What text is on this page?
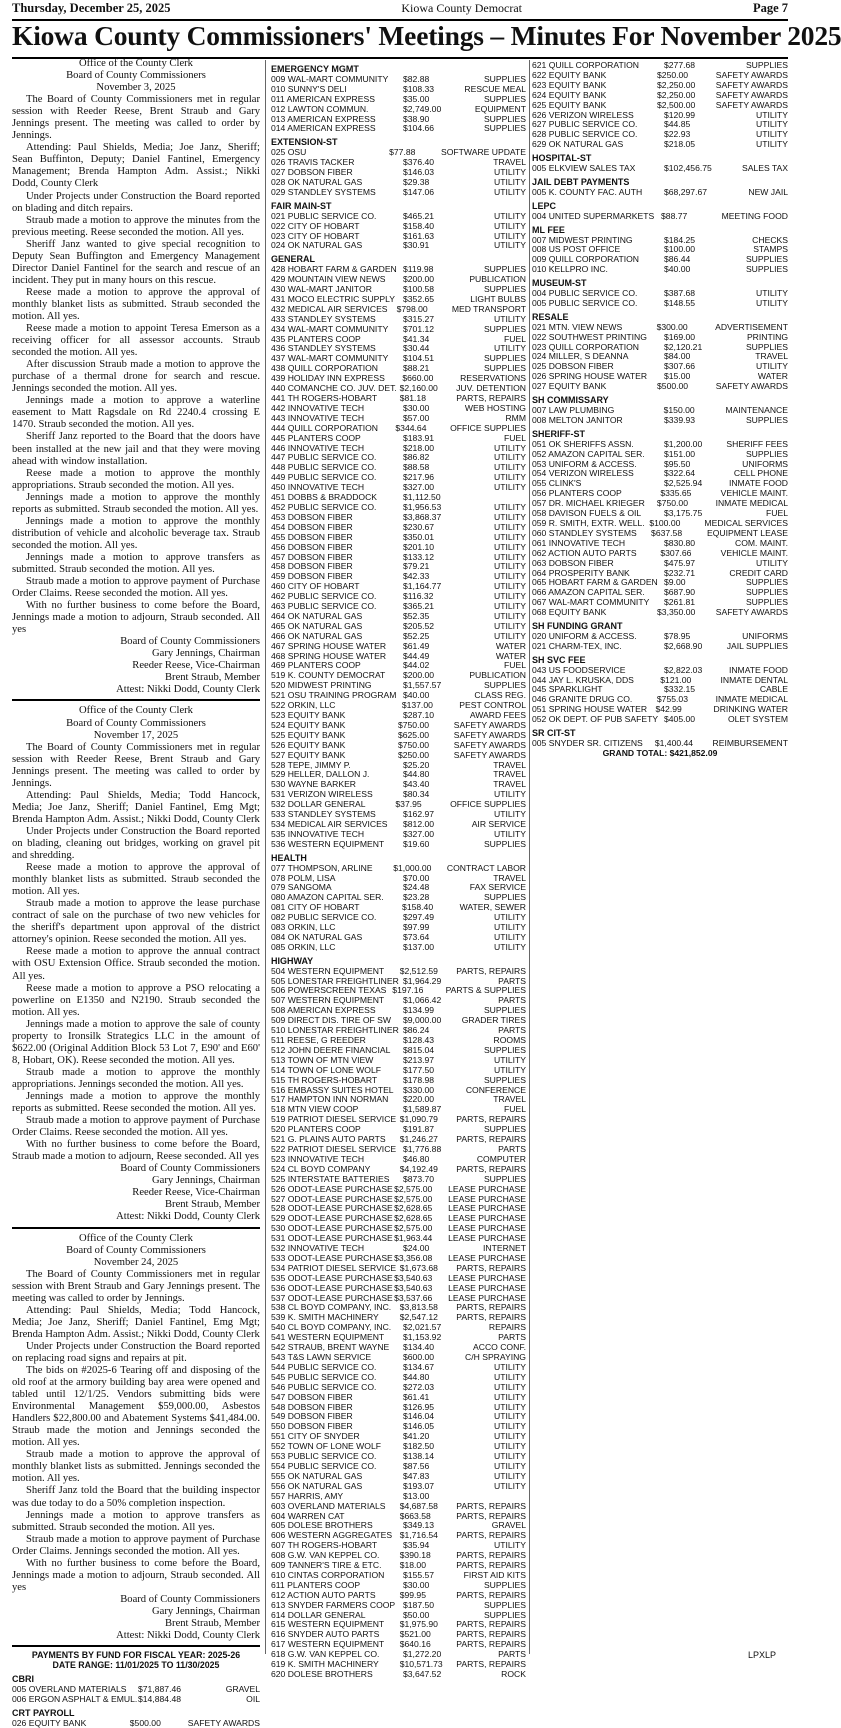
Thursday, December 25, 2025	Kiowa County Democrat	Page 7
Kiowa County Commissioners' Meetings – Minutes For November 2025

Office of the County Clerk

Board of County Commissioners

November 3, 2025

The Board of County Commissioners met in regular session with Reeder Reese, Brent Straub and Gary Jennings present. The meeting was called to order by Jennings.

Attending: Paul Shields, Media; Joe Janz, Sheriff; Sean Buffinton, Deputy; Daniel Fantinel, Emergency Management; Brenda Hampton Adm. Assist.; Nikki Dodd, County Clerk

Under Projects under Construction the Board reported on blading and ditch repairs.

Straub made a motion to approve the minutes from the previous meeting. Reese seconded the motion. All yes.

Sheriff Janz wanted to give special recognition to Deputy Sean Buffington and Emergency Management Director Daniel Fantinel for the search and rescue of an incident. They put in many hours on this rescue.

Reese made a motion to approve the approval of monthly blanket lists as submitted. Straub seconded the motion. All yes.

Reese made a motion to appoint Teresa Emerson as a receiving officer for all assessor accounts. Straub seconded the motion. All yes.

After discussion Straub made a motion to approve the purchase of a thermal drone for search and rescue. Jennings seconded the motion. All yes.

Jennings made a motion to approve a waterline easement to Matt Ragsdale on Rd 2240.4 crossing E 1470. Straub seconded the motion. All yes.

Sheriff Janz reported to the Board that the doors have been installed at the new jail and that they were moving ahead with window installation.

Reese made a motion to approve the monthly appropriations. Straub seconded the motion. All yes.

Jennings made a motion to approve the monthly reports as submitted. Straub seconded the motion. All yes.

Jennings made a motion to approve the monthly distribution of vehicle and alcoholic beverage tax. Straub seconded the motion. All yes.

Jennings made a motion to approve transfers as submitted. Straub seconded the motion. All yes.

Straub made a motion to approve payment of Purchase Order Claims. Reese seconded the motion. All yes.

With no further business to come before the Board, Jennings made a motion to adjourn, Straub seconded. All yes

Board of County Commissioners

Gary Jennings, Chairman

Reeder Reese, Vice-Chairman

Brent Straub, Member

Attest: Nikki Dodd, County Clerk

Office of the County Clerk

Board of County Commissioners

November 17, 2025

The Board of County Commissioners met in regular session with Reeder Reese, Brent Straub and Gary Jennings present. The meeting was called to order by Jennings.

Attending: Paul Shields, Media; Todd Hancock, Media; Joe Janz, Sheriff; Daniel Fantinel, Emg Mgt; Brenda Hampton Adm. Assist.; Nikki Dodd, County Clerk

Under Projects under Construction the Board reported on blading, cleaning out bridges, working on gravel pit and shredding.

Reese made a motion to approve the approval of monthly blanket lists as submitted. Straub seconded the motion. All yes.

Straub made a motion to approve the lease purchase contract of sale on the purchase of two new vehicles for the sheriff's department upon approval of the district attorney's opinion. Reese seconded the motion. All yes.

Reese made a motion to approve the annual contract with OSU Extension Office. Straub seconded the motion. All yes.

Reese made a motion to approve a PSO relocating a powerline on E1350 and N2190. Straub seconded the motion. All yes.

Jennings made a motion to approve the sale of county property to Ironsilk Strategics LLC in the amount of $622.00 (Original Addition Block 53 Lot 7, E90' and E60' 8, Hobart, OK). Reese seconded the motion. All yes.

Straub made a motion to approve the monthly appropriations. Jennings seconded the motion. All yes.

Jennings made a motion to approve the monthly reports as submitted. Reese seconded the motion. All yes.

Straub made a motion to approve payment of Purchase Order Claims. Reese seconded the motion. All yes.

With no further business to come before the Board, Straub made a motion to adjourn, Reese seconded. All yes

Board of County Commissioners

Gary Jennings, Chairman

Reeder Reese, Vice-Chairman

Brent Straub, Member

Attest: Nikki Dodd, County Clerk

Office of the County Clerk

Board of County Commissioners

November 24, 2025

The Board of County Commissioners met in regular session with Brent Straub and Gary Jennings present. The meeting was called to order by Jennings.

Attending: Paul Shields, Media; Todd Hancock, Media; Joe Janz, Sheriff; Daniel Fantinel, Emg Mgt; Brenda Hampton Adm. Assist.; Nikki Dodd, County Clerk

Under Projects under Construction the Board reported on replacing road signs and repairs at pit.

The bids on #2025-6 Tearing off and disposing of the old roof at the armory building bay area were opened and tabled until 12/1/25. Vendors submitting bids were Environmental Management $59,000.00, Asbestos Handlers $22,800.00 and Abatement Systems $41,484.00. Straub made the motion and Jennings seconded the motion. All yes.

Straub made a motion to approve the approval of monthly blanket lists as submitted. Jennings seconded the motion. All yes.

Sheriff Janz told the Board that the building inspector was due today to do a 50% completion inspection.

Jennings made a motion to approve transfers as submitted. Straub seconded the motion. All yes.

Straub made a motion to approve payment of Purchase Order Claims. Jennings seconded the motion. All yes.

With no further business to come before the Board, Jennings made a motion to adjourn, Straub seconded. All yes

Board of County Commissioners

Gary Jennings, Chairman

Brent Straub, Member

Attest: Nikki Dodd, County Clerk

PAYMENTS BY FUND FOR FISCAL YEAR: 2025-26
DATE RANGE: 11/01/2025 TO 11/30/2025
CBRI
005 OVERLAND MATERIALS	$71,887.46	GRAVEL
006 ERGON ASPHALT & EMUL. $14,884.48	OIL
CRT PAYROLL
026 EQUITY BANK	$500.00	SAFETY AWARDS
EMERGENCY MGMT
009 WAL-MART COMMUNITY	$82.88	SUPPLIES
010 SUNNY'S DELI	$108.33	RESCUE MEAL
011 AMERICAN EXPRESS	$35.00	SUPPLIES
012 LAWTON COMMUN.	$2,749.00	EQUIPMENT
013 AMERICAN EXPRESS	$38.90	SUPPLIES
014 AMERICAN EXPRESS	$104.66	SUPPLIES
EXTENSION-ST
025 OSU	$77.88	SOFTWARE UPDATE
026 TRAVIS TACKER	$376.40	TRAVEL
027 DOBSON FIBER	$146.03	UTILITY
028 OK NATURAL GAS	$29.38	UTILITY
029 STANDLEY SYSTEMS	$147.06	UTILITY
FAIR MAIN-ST
021 PUBLIC SERVICE CO.	$465.21	UTILITY
022 CITY OF HOBART	$158.40	UTILITY
023 CITY OF HOBART	$161.63	UTILITY
024 OK NATURAL GAS	$30.91	UTILITY
GENERAL
428 HOBART FARM & GARDEN $119.98	SUPPLIES
429 MOUNTAIN VIEW NEWS	$200.00	PUBLICATION
430 WAL-MART JANITOR	$100.58	SUPPLIES
431 MOCO ELECTRIC SUPPLY $352.65	LIGHT BULBS
432 MEDICAL AIR SERVICES	$798.00	MED TRANSPORT
433 STANDLEY SYSTEMS	$315.27	UTILITY
434 WAL-MART COMMUNITY	$701.12	SUPPLIES
435 PLANTERS COOP	$41.34	FUEL
436 STANDLEY SYSTEMS	$30.44	UTILITY
437 WAL-MART COMMUNITY	$104.51	SUPPLIES
438 QUILL CORPORATION	$88.21	SUPPLIES
439 HOLIDAY INN EXPRESS	$660.00	RESERVATIONS
440 COMANCHE CO. JUV. DET. $2,160.00	JUV. DETENTION
441 TH ROGERS-HOBART	$81.18	PARTS, REPAIRS
442 INNOVATIVE TECH	$30.00	WEB HOSTING
443 INNOVATIVE TECH	$57.00	RMM
444 QUILL CORPORATION	$344.64	OFFICE SUPPLIES
445 PLANTERS COOP	$183.91	FUEL
446 INNOVATIVE TECH	$218.00	UTILITY
447 PUBLIC SERVICE CO.	$86.82	UTILITY
448 PUBLIC SERVICE CO.	$88.58	UTILITY
449 PUBLIC SERVICE CO.	$217.96	UTILITY
450 INNOVATIVE TECH	$327.00	UTILITY
451 DOBBS & BRADDOCK	$1,112.50
452 PUBLIC SERVICE CO.	$1,956.53	UTILITY
453 DOBSON FIBER	$3,868.37	UTILITY
454 DOBSON FIBER	$230.67	UTILITY
455 DOBSON FIBER	$350.01	UTILITY
456 DOBSON FIBER	$201.10	UTILITY
457 DOBSON FIBER	$133.12	UTILITY
458 DOBSON FIBER	$79.21	UTILITY
459 DOBSON FIBER	$42.33	UTILITY
460 CITY OF HOBART	$1,164.77	UTILITY
462 PUBLIC SERVICE CO.	$116.32	UTILITY
463 PUBLIC SERVICE CO.	$365.21	UTILITY
464 OK NATURAL GAS	$52.35	UTILITY
465 OK NATURAL GAS	$205.52	UTILITY
466 OK NATURAL GAS	$52.25	UTILITY
467 SPRING HOUSE WATER	$61.49	WATER
468 SPRING HOUSE WATER	$44.49	WATER
469 PLANTERS COOP	$44.02	FUEL
519 K. COUNTY DEMOCRAT	$200.00	PUBLICATION
520 MIDWEST PRINTING	$1,557.57	SUPPLIES
521 OSU TRAINING PROGRAM $40.00	CLASS REG.
522 ORKIN, LLC	$137.00	PEST CONTROL
523 EQUITY BANK	$287.10	AWARD FEES
524 EQUITY BANK	$750.00	SAFETY AWARDS
525 EQUITY BANK	$625.00	SAFETY AWARDS
526 EQUITY BANK	$750.00	SAFETY AWARDS
527 EQUITY BANK	$250.00	SAFETY AWARDS
528 TEPE, JIMMY P.	$25.20	TRAVEL
529 HELLER, DALLON J.	$44.80	TRAVEL
530 WAYNE BARKER	$43.40	TRAVEL
531 VERIZON WIRELESS	$80.34	UTILITY
532 DOLLAR GENERAL	$37.95	OFFICE SUPPLIES
533 STANDLEY SYSTEMS	$162.97	UTILITY
534 MEDICAL AIR SERVICES	$812.00	AIR SERVICE
535 INNOVATIVE TECH	$327.00	UTILITY
536 WESTERN EQUIPMENT	$19.60	SUPPLIES
HEALTH
077 THOMPSON, ARLINE	$1,000.00	CONTRACT LABOR
078 POLM, LISA	$70.00	TRAVEL
079 SANGOMA	$24.48	FAX SERVICE
080 AMAZON CAPITAL SER.	$23.28	SUPPLIES
081 CITY OF HOBART	$158.40	WATER, SEWER
082 PUBLIC SERVICE CO.	$297.49	UTILITY
083 ORKIN, LLC	$97.99	UTILITY
084 OK NATURAL GAS	$73.64	UTILITY
085 ORKIN, LLC	$137.00	UTILITY
HIGHWAY
504 WESTERN EQUIPMENT	$2,512.59	PARTS, REPAIRS
505 LONESTAR FREIGHTLINER $1,964.29	PARTS
506 POWERSCREEN TEXAS $197.16	PARTS & SUPPLIES
507 WESTERN EQUIPMENT	$1,066.42	PARTS
508 AMERICAN EXPRESS	$134.99	SUPPLIES
509 DIRECT DIS. TIRE OF SW	$9,000.00	GRADER TIRES
510 LONESTAR FREIGHTLINER $86.24	PARTS
511 REESE, G REEDER	$128.43	ROOMS
512 JOHN DEERE FINANCIAL	$815.04	SUPPLIES
513 TOWN OF MTN VIEW	$213.97	UTILITY
514 TOWN OF LONE WOLF	$177.50	UTILITY
515 TH ROGERS-HOBART	$178.98	SUPPLIES
516 EMBASSY SUITES HOTEL	$330.00	CONFERENCE
517 HAMPTON INN NORMAN	$220.00	TRAVEL
518 MTN VIEW COOP	$1,589.87	FUEL
519 PATRIOT DIESEL SERVICE $1,090.79	PARTS, REPAIRS
520 PLANTERS COOP	$191.87	SUPPLIES
521 G. PLAINS AUTO PARTS	$1,246.27	PARTS, REPAIRS
522 PATRIOT DIESEL SERVICE $1,776.88	PARTS
523 INNOVATIVE TECH	$46.80	COMPUTER
524 CL BOYD COMPANY	$4,192.49	PARTS, REPAIRS
525 INTERSTATE BATTERIES	$873.70	SUPPLIES
526 ODOT-LEASE PURCHASE $2,575.00	LEASE PURCHASE
527 ODOT-LEASE PURCHASE $2,575.00	LEASE PURCHASE
528 ODOT-LEASE PURCHASE $2,628.65	LEASE PURCHASE
529 ODOT-LEASE PURCHASE $2,628.65	LEASE PURCHASE
530 ODOT-LEASE PURCHASE $2,575.00	LEASE PURCHASE
531 ODOT-LEASE PURCHASE $1,963.44	LEASE PURCHASE
532 INNOVATIVE TECH	$24.00	INTERNET
533 ODOT-LEASE PURCHASE $3,356.08	LEASE PURCHASE
534 PATRIOT DIESEL SERVICE $1,673.68	PARTS, REPAIRS
535 ODOT-LEASE PURCHASE $3,540.63	LEASE PURCHASE
536 ODOT-LEASE PURCHASE $3,540.63	LEASE PURCHASE
537 ODOT-LEASE PURCHASE $3,537.66	LEASE PURCHASE
538 CL BOYD COMPANY, INC. $3,813.58	PARTS, REPAIRS
539 K. SMITH MACHINERY	$2,547.12	PARTS, REPAIRS
540 CL BOYD COMPANY, INC.	$2,021.57	REPAIRS
541 WESTERN EQUIPMENT	$1,153.92	PARTS
542 STRAUB, BRENT WAYNE	$134.40	ACCO CONF.
543 T&S LAWN SERVICE	$600.00	C/H SPRAYING
544 PUBLIC SERVICE CO.	$134.67	UTILITY
545 PUBLIC SERVICE CO.	$44.80	UTILITY
546 PUBLIC SERVICE CO.	$272.03	UTILITY
547 DOBSON FIBER	$61.41	UTILITY
548 DOBSON FIBER	$126.95	UTILITY
549 DOBSON FIBER	$146.04	UTILITY
550 DOBSON FIBER	$146.05	UTILITY
551 CITY OF SNYDER	$41.20	UTILITY
552 TOWN OF LONE WOLF	$182.50	UTILITY
553 PUBLIC SERVICE CO.	$138.14	UTILITY
554 PUBLIC SERVICE CO.	$87.56	UTILITY
555 OK NATURAL GAS	$47.83	UTILITY
556 OK NATURAL GAS	$193.07	UTILITY
557 HARRIS, AMY	$13.00
603 OVERLAND MATERIALS	$4,687.58	PARTS, REPAIRS
604 WARREN CAT	$663.58	PARTS, REPAIRS
605 DOLESE BROTHERS	$349.13	GRAVEL
606 WESTERN AGGREGATES $1,716.54	PARTS, REPAIRS
607 TH ROGERS-HOBART	$35.94	UTILITY
608 G.W. VAN KEPPEL CO.	$390.18	PARTS, REPAIRS
609 TANNER'S TIRE & ETC.	$18.00	PARTS, REPAIRS
610 CINTAS CORPORATION	$155.57	FIRST AID KITS
611 PLANTERS COOP	$30.00	SUPPLIES
612 ACTION AUTO PARTS	$99.95	PARTS, REPAIRS
613 SNYDER FARMERS COOP $187.50	SUPPLIES
614 DOLLAR GENERAL	$50.00	SUPPLIES
615 WESTERN EQUIPMENT	$1,975.90	PARTS, REPAIRS
616 SNYDER AUTO PARTS	$521.00	PARTS, REPAIRS
617 WESTERN EQUIPMENT	$640.16	PARTS, REPAIRS
618 G.W. VAN KEPPEL CO.	$1,272.20	PARTS
619 K. SMITH MACHINERY	$10,571.73	PARTS, REPAIRS
620 DOLESE BROTHERS	$3,647.52	ROCK
621 QUILL CORPORATION	$277.68	SUPPLIES
622 EQUITY BANK	$250.00	SAFETY AWARDS
623 EQUITY BANK	$2,250.00	SAFETY AWARDS
624 EQUITY BANK	$2,250.00	SAFETY AWARDS
625 EQUITY BANK	$2,500.00	SAFETY AWARDS
626 VERIZON WIRELESS	$120.99	UTILITY
627 PUBLIC SERVICE CO.	$44.85	UTILITY
628 PUBLIC SERVICE CO.	$22.93	UTILITY
629 OK NATURAL GAS	$218.05	UTILITY
HOSPITAL-ST
005 ELKVIEW SALES TAX	$102,456.75	SALES TAX
JAIL DEBT PAYMENTS
005 K. COUNTY FAC. AUTH	$68,297.67	NEW JAIL
LEPC
004 UNITED SUPERMARKETS $88.77	MEETING FOOD
ML FEE
007 MIDWEST PRINTING	$184.25	CHECKS
008 US POST OFFICE	$100.00	STAMPS
009 QUILL CORPORATION	$86.44	SUPPLIES
010 KELLPRO INC.	$40.00	SUPPLIES
MUSEUM-ST
004 PUBLIC SERVICE CO.	$387.68	UTILITY
005 PUBLIC SERVICE CO.	$148.55	UTILITY
RESALE
021 MTN. VIEW NEWS	$300.00	ADVERTISEMENT
022 SOUTHWEST PRINTING	$169.00	PRINTING
023 QUILL CORPORATION	$2,120.21	SUPPLIES
024 MILLER, S DEANNA	$84.00	TRAVEL
025 DOBSON FIBER	$307.66	UTILITY
026 SPRING HOUSE WATER	$15.00	WATER
027 EQUITY BANK	$500.00	SAFETY AWARDS
SH COMMISSARY
007 LAW PLUMBING	$150.00	MAINTENANCE
008 MELTON JANITOR	$339.93	SUPPLIES
SHERIFF-ST
051 OK SHERIFFS ASSN.	$1,200.00	SHERIFF FEES
052 AMAZON CAPITAL SER.	$151.00	SUPPLIES
053 UNIFORM & ACCESS.	$95.50	UNIFORMS
054 VERIZON WIRELESS	$322.64	CELL PHONE
055 CLINK'S	$2,525.94	INMATE FOOD
056 PLANTERS COOP	$335.65	VEHICLE MAINT.
057 DR. MICHAEL KRIEGER	$750.00	INMATE MEDICAL
058 DAVISON FUELS & OIL	$3,175.75	FUEL
059 R. SMITH, EXTR. WELL. $100.00	MEDICAL SERVICES
060 STANDLEY SYSTEMS	$637.58	EQUIPMENT LEASE
061 INNOVATIVE TECH	$830.80	COM. MAINT.
062 ACTION AUTO PARTS	$307.66	VEHICLE MAINT.
063 DOBSON FIBER	$475.97	UTILITY
064 PROSPERITY BANK	$232.71	CREDIT CARD
065 HOBART FARM & GARDEN $9.00	SUPPLIES
066 AMAZON CAPITAL SER.	$687.90	SUPPLIES
067 WAL-MART COMMUNITY	$261.81	SUPPLIES
068 EQUITY BANK	$3,350.00	SAFETY AWARDS
SH FUNDING GRANT
020 UNIFORM & ACCESS.	$78.95	UNIFORMS
021 CHARM-TEX, INC.	$2,668.90	JAIL SUPPLIES
SH SVC FEE
043 US FOODSERVICE	$2,822.03	INMATE FOOD
044 JAY L. KRUSKA, DDS	$121.00	INMATE DENTAL
045 SPARKLIGHT	$332.15	CABLE
046 GRANITE DRUG CO.	$755.03	INMATE MEDICAL
051 SPRING HOUSE WATER $42.99	DRINKING WATER
052 OK DEPT. OF PUB SAFETY $405.00	OLET SYSTEM
SR CIT-ST
005 SNYDER SR. CITIZENS	$1,400.44	REIMBURSEMENT
GRAND TOTAL: $421,852.09
LPXLP
